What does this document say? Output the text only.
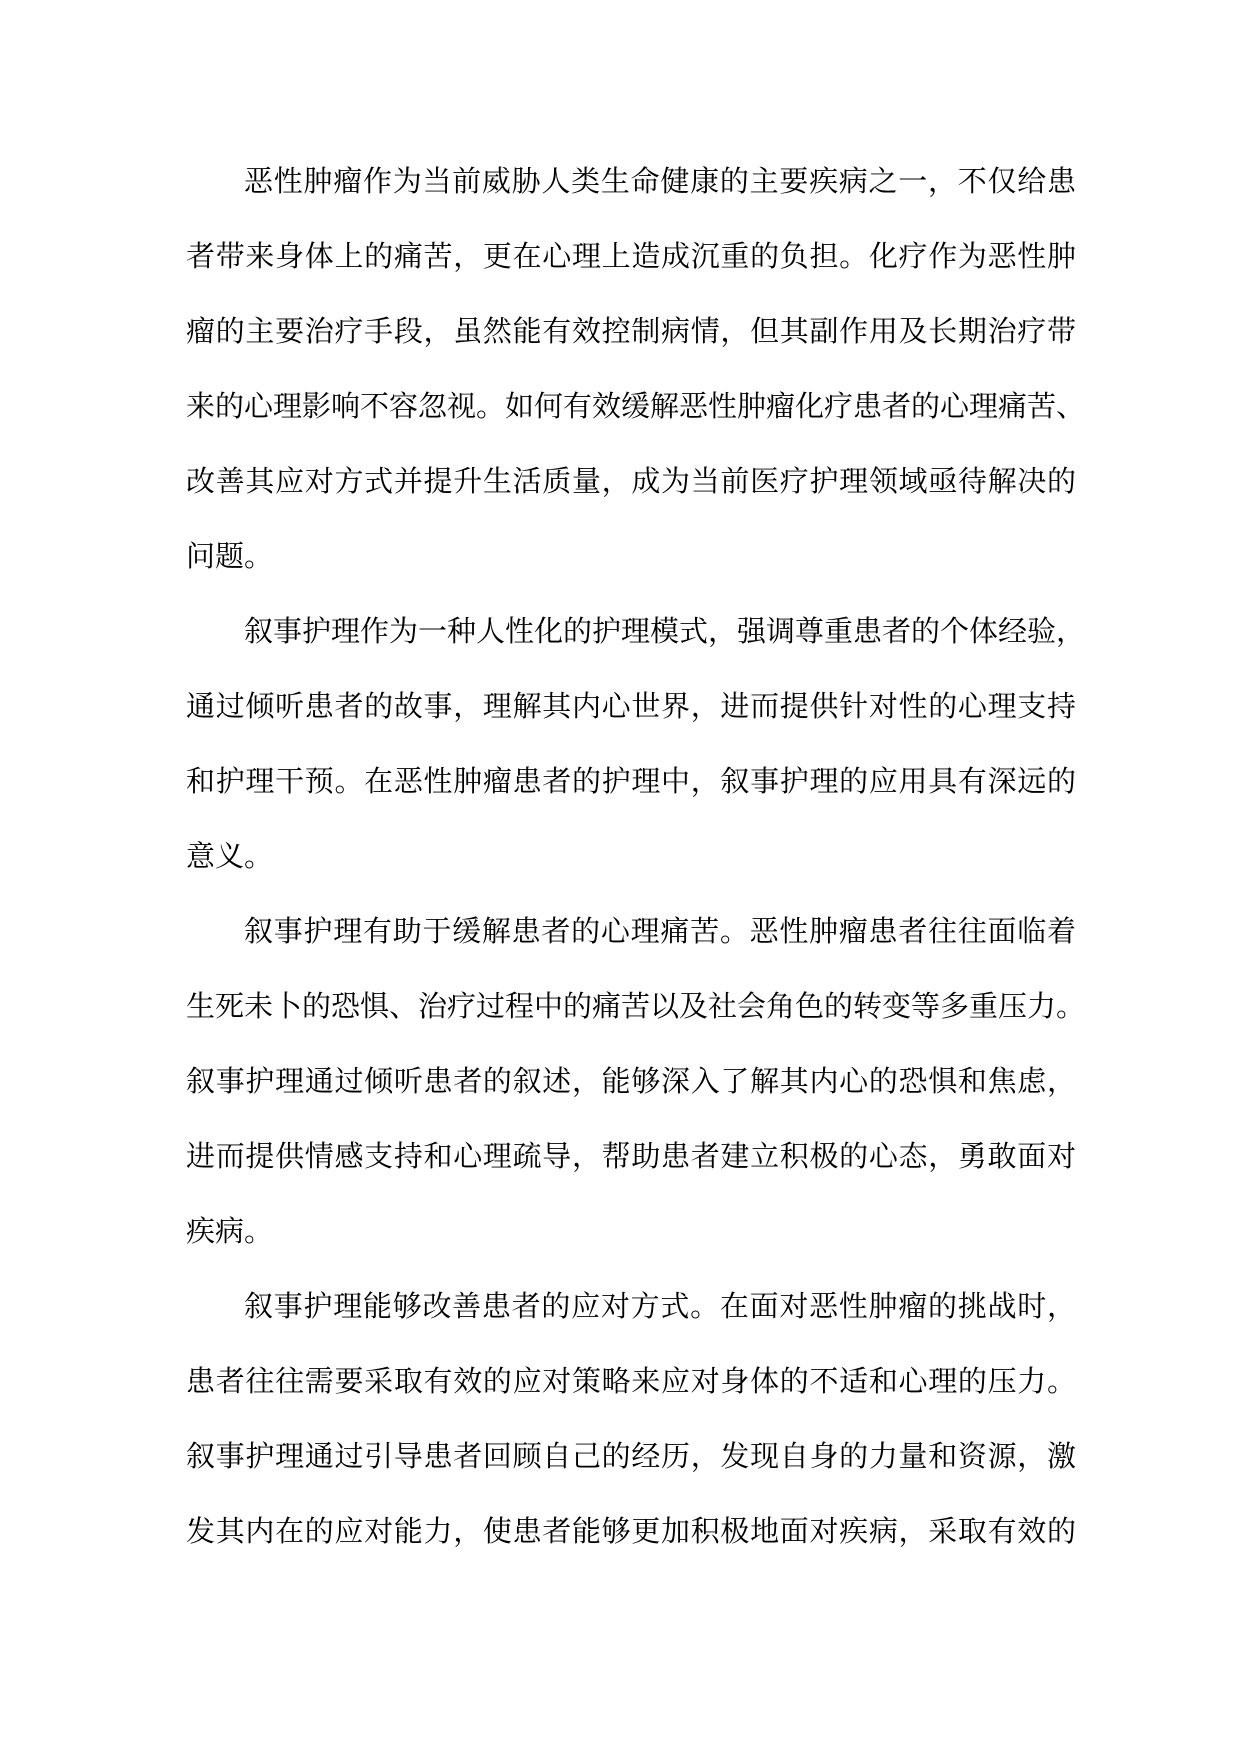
恶性肿瘤作为当前威胁人类生命健康的主要疾病之一，不仅给患
者带来身体上的痛苦，更在心理上造成沉重的负担。化疗作为恶性肿
瘤的主要治疗手段，虽然能有效控制病情，但其副作用及长期治疗带
来的心理影响不容忽视。如何有效缓解恶性肿瘤化疗患者的心理痛苦、
改善其应对方式并提升生活质量，成为当前医疗护理领域亟待解决的
问题。
叙事护理作为一种人性化的护理模式，强调尊重患者的个体经验，
通过倾听患者的故事，理解其内心世界，进而提供针对性的心理支持
和护理干预。在恶性肿瘤患者的护理中，叙事护理的应用具有深远的
意义。
叙事护理有助于缓解患者的心理痛苦。恶性肿瘤患者往往面临着
生死未卜的恐惧、治疗过程中的痛苦以及社会角色的转变等多重压力。
叙事护理通过倾听患者的叙述，能够深入了解其内心的恐惧和焦虑，
进而提供情感支持和心理疏导，帮助患者建立积极的心态，勇敢面对
疾病。
叙事护理能够改善患者的应对方式。在面对恶性肿瘤的挑战时，
患者往往需要采取有效的应对策略来应对身体的不适和心理的压力。
叙事护理通过引导患者回顾自己的经历，发现自身的力量和资源，激
发其内在的应对能力，使患者能够更加积极地面对疾病，采取有效的
